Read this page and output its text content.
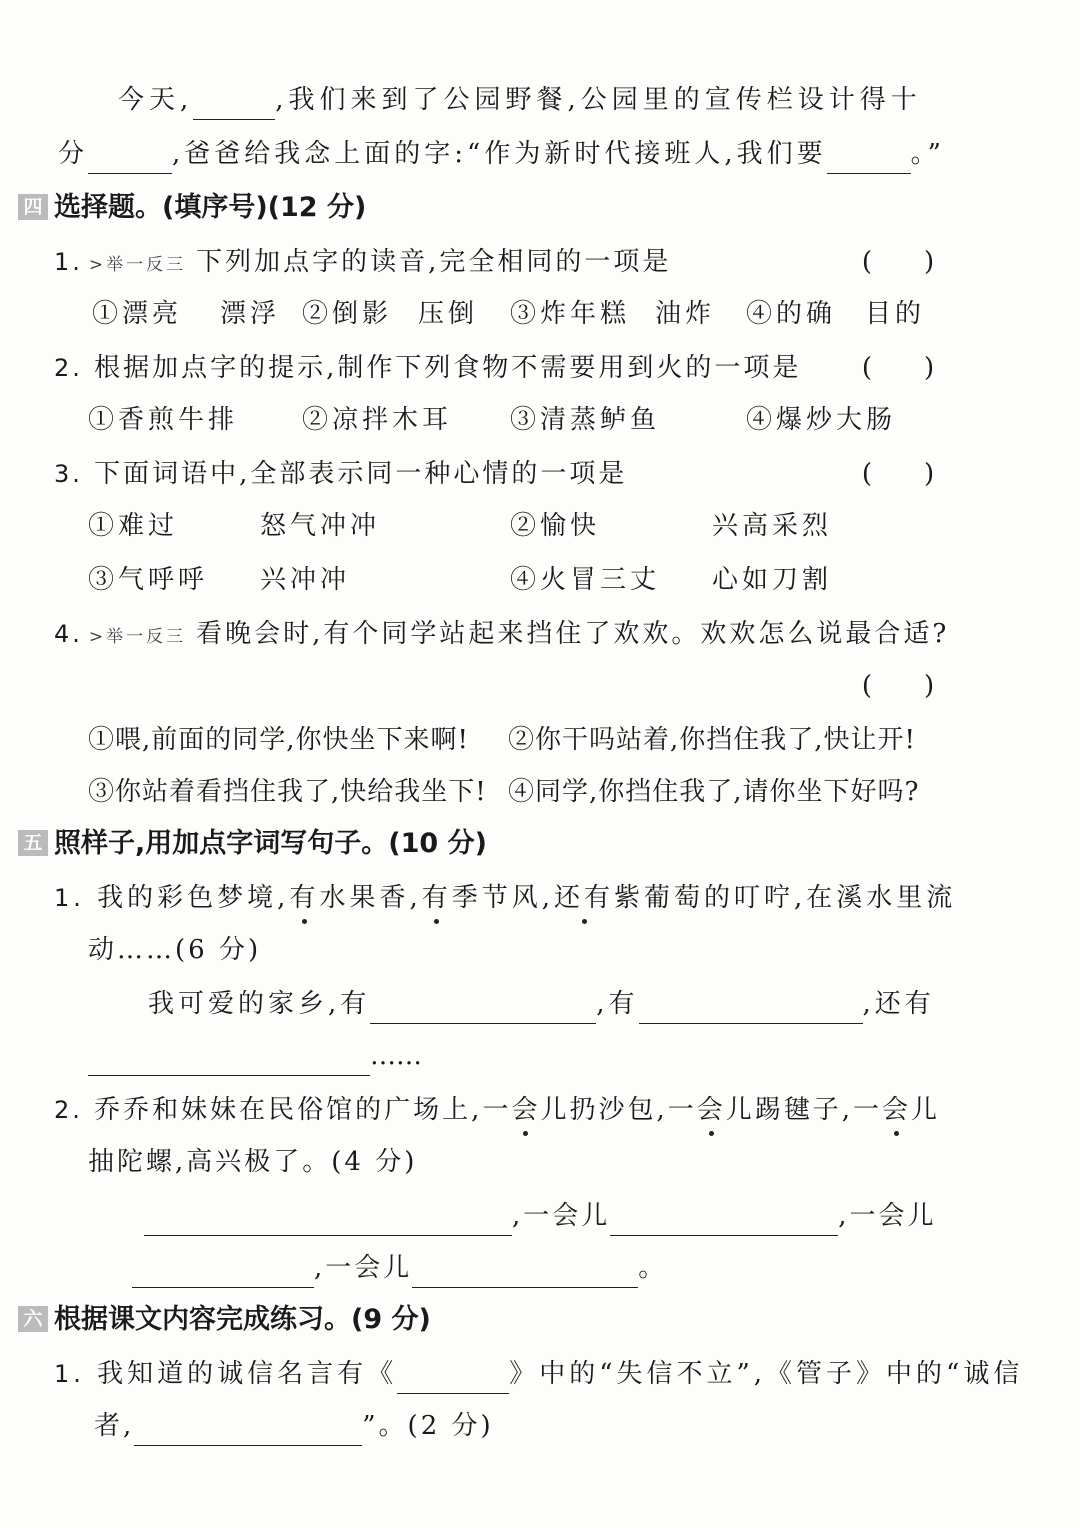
今天,	,我们来到了公园野餐,公园里的宣传栏设计得十
分	,爸爸给我念上面的字:“作为新时代接班人,我们要	。”
四 选择题。(填序号)(12 分)
1. >举一反三 下列加点字的读音,完全相同的一项是	(　　)
①漂亮 漂浮 ②倒影 压倒 ③炸年糕 油炸 ④的确 目的
2. 根据加点字的提示,制作下列食物不需要用到火的一项是	(　　)
①香煎牛排 ②凉拌木耳 ③清蒸鲈鱼	④爆炒大肠
3. 下面词语中,全部表示同一种心情的一项是	(　　)
①难过	怒气冲冲	②愉快	兴高采烈
③气呼呼 兴冲冲	④火冒三丈 心如刀割
4. >举一反三 看晚会时,有个同学站起来挡住了欢欢。欢欢怎么说最合适?
(　　)
①喂,前面的同学,你快坐下来啊! ②你干吗站着,你挡住我了,快让开!
③你站着看挡住我了,快给我坐下! ④同学,你挡住我了,请你坐下好吗?
五 照样子,用加点字词写句子。(10 分)
1. 我的彩色梦境,有水果香,有季节风,还有紫葡萄的叮咛,在溪水里流
动……(6 分)
我可爱的家乡,有	,有	,还有
……
2. 乔乔和妹妹在民俗馆的广场上,一会儿扔沙包,一会儿踢毽子,一会儿
抽陀螺,高兴极了。(4 分)
,一会儿	,一会儿
,一会儿	。
六 根据课文内容完成练习。(9 分)
1. 我知道的诚信名言有《	》中的“失信不立”,《管子》中的“诚信
者,	”。(2 分)
